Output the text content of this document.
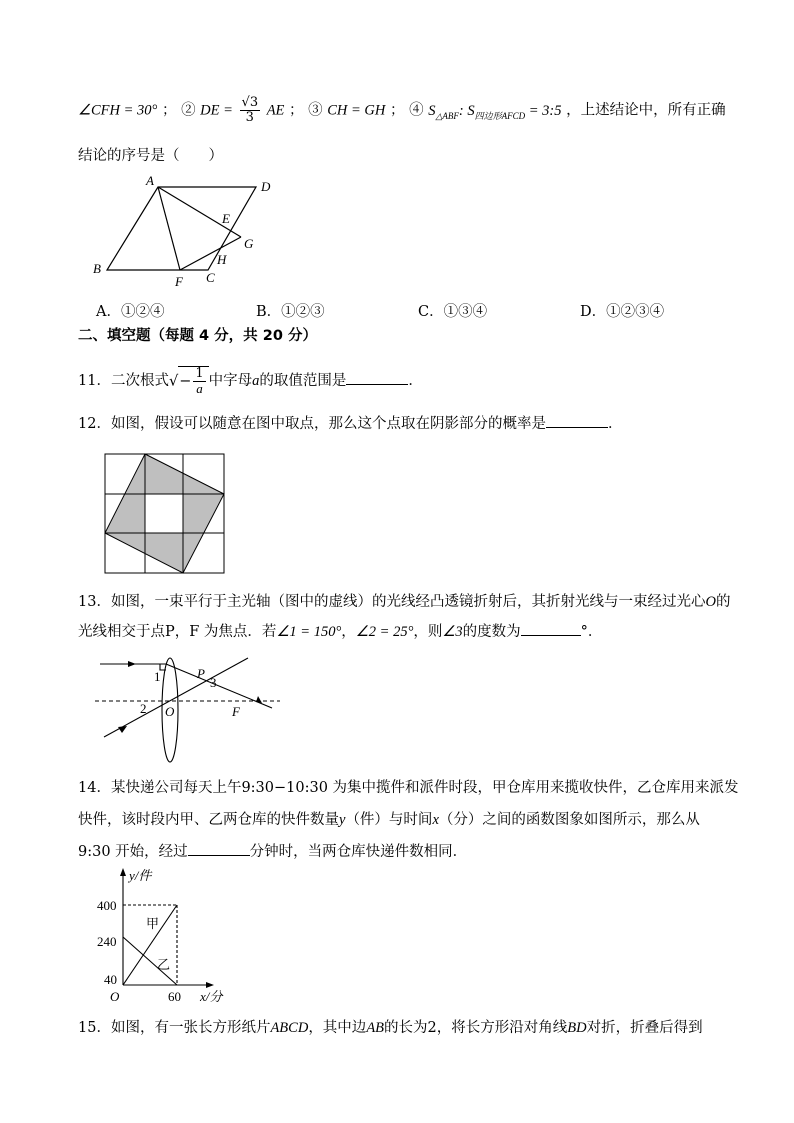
∠CFH = 30° ； ② DE = $\frac{√3}{3}$ AE ； ③ CH = GH ； ④ $S_{\triangle ABF}$: $S_{四边形AFCD}$ = 3:5 ，上述结论中，所有正确
结论的序号是（　　）
A	D
E
G
H
B
F C
A．①②④	B．①②③	C．①③④	D．①②③④
二、填空题（每题 4 分，共 20 分）
11．二次根式√− $\frac{1}{a}$ 中字母a的取值范围是	．
12．如图，假设可以随意在图中取点，那么这个点取在阴影部分的概率是	．
13．如图，一束平行于主光轴（图中的虚线）的光线经凸透镜折射后，其折射光线与一束经过光心O的
光线相交于点P，F 为焦点．若∠1 = 150°，∠2 = 25°，则∠3的度数为	°．
1	P
3
2 O	F
14．某快递公司每天上午9:30−10:30 为集中揽件和派件时段，甲仓库用来揽收快件，乙仓库用来派发
快件，该时段内甲、乙两仓库的快件数量y（件）与时间x（分）之间的函数图象如图所示，那么从
9:30 开始，经过	分钟时，当两仓库快递件数相同．
y/件
x/分
O
400
240
40
60
甲
乙
15．如图，有一张长方形纸片ABCD，其中边AB的长为2，将长方形沿对角线BD对折，折叠后得到
